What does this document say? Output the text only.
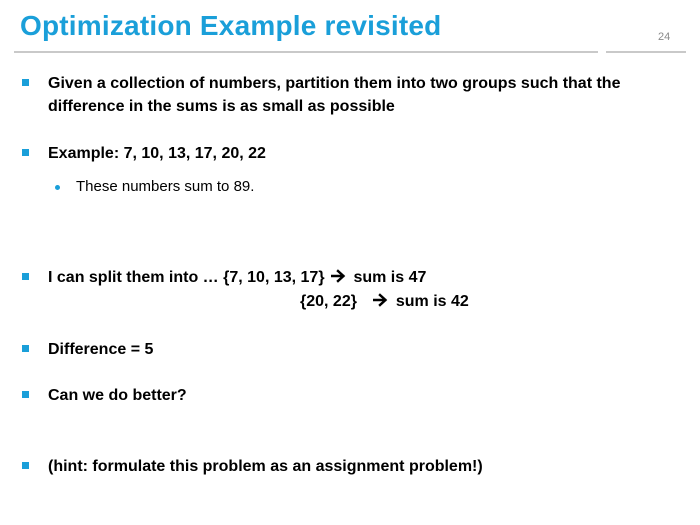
Optimization Example revisited	24
Given a collection of numbers, partition them into two groups such that the
difference in the sums is as small as possible
Example: 7, 10, 13, 17, 20, 22
These numbers sum to 89.
I can split them into … {7, 10, 13, 17} sum is 47
{20, 22} sum is 42
Difference = 5
Can we do better?
(hint: formulate this problem as an assignment problem!)
